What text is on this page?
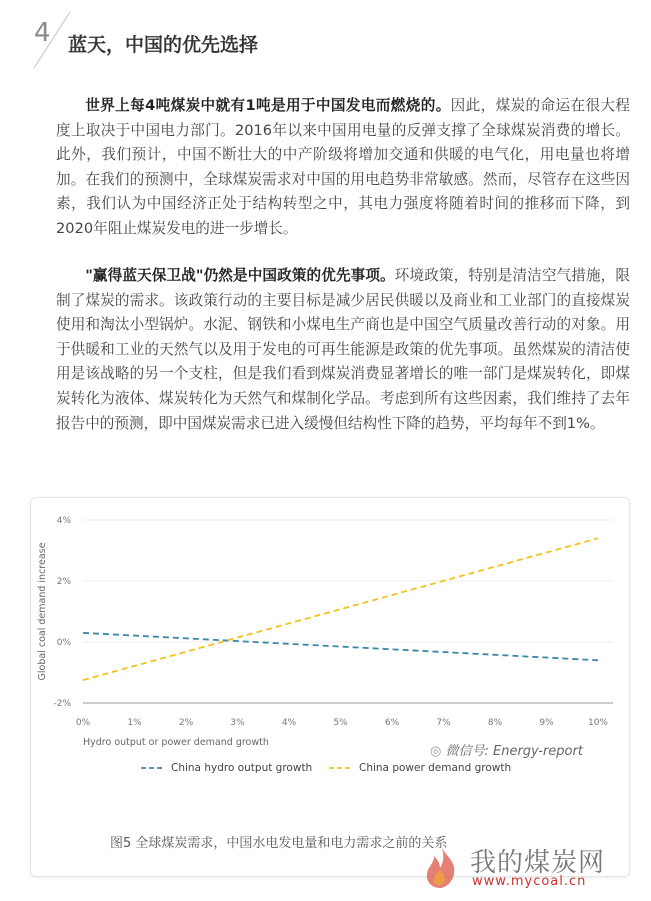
4 蓝天，中国的优先选择

世界上每4吨煤炭中就有1吨是用于中国发电而燃烧的。因此，煤炭的命运在很大程度上取决于中国电力部门。2016年以来中国用电量的反弹支撑了全球煤炭消费的增长。此外，我们预计，中国不断壮大的中产阶级将增加交通和供暖的电气化，用电量也将增加。在我们的预测中，全球煤炭需求对中国的用电趋势非常敏感。然而，尽管存在这些因素，我们认为中国经济正处于结构转型之中，其电力强度将随着时间的推移而下降，到2020年阻止煤炭发电的进一步增长。

"赢得蓝天保卫战"仍然是中国政策的优先事项。环境政策，特别是清洁空气措施，限制了煤炭的需求。该政策行动的主要目标是减少居民供暖以及商业和工业部门的直接煤炭使用和淘汰小型锅炉。水泥、钢铁和小煤电生产商也是中国空气质量改善行动的对象。用于供暖和工业的天然气以及用于发电的可再生能源是政策的优先事项。虽然煤炭的清洁使用是该战略的另一个支柱，但是我们看到煤炭消费显著增长的唯一部门是煤炭转化，即煤炭转化为液体、煤炭转化为天然气和煤制化学品。考虑到所有这些因素，我们维持了去年报告中的预测，即中国煤炭需求已进入缓慢但结构性下降的趋势，平均每年不到1%。

4%
2%
0%
-2%
0%	1%	2%	3%	4%	5%	6%	7%	8%	9%	10%
Hydro output or power demand growth
Global coal demand increase
China hydro output growth	China power demand growth
◎ 微信号: Energy-report
图5 全球煤炭需求，中国水电发电量和电力需求之前的关系
我的煤炭网
www.mycoal.cn
